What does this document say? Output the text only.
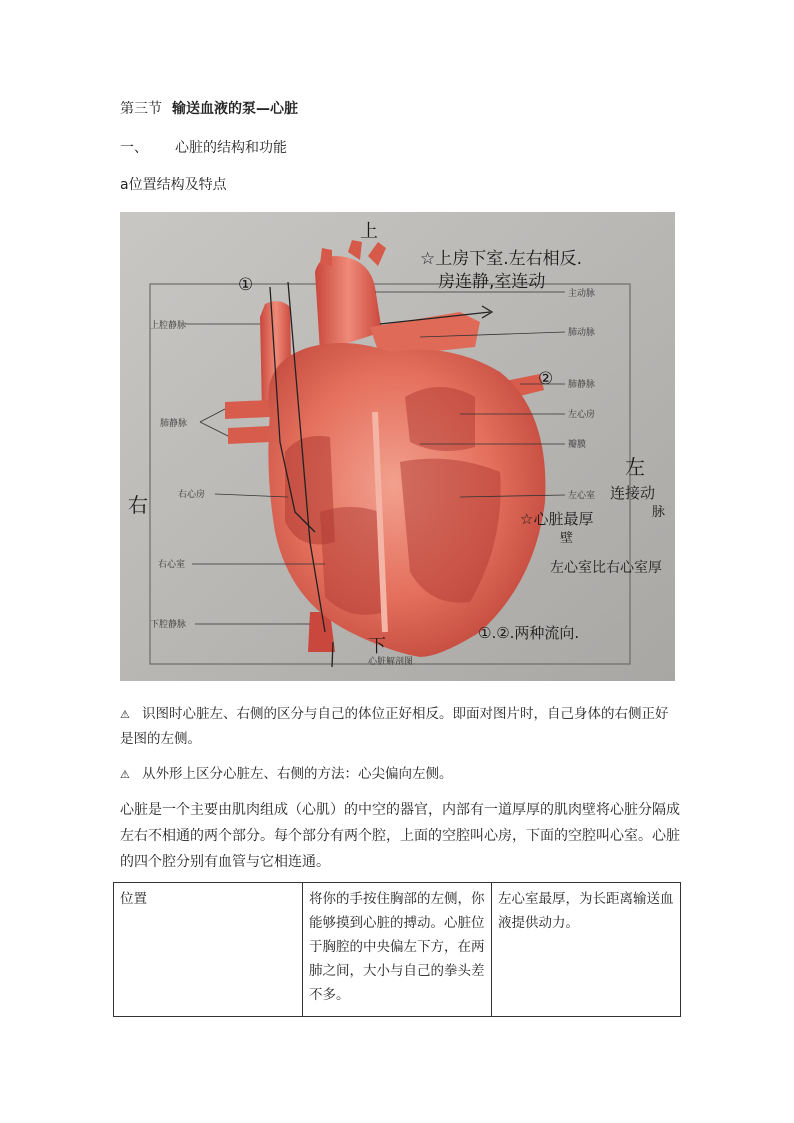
第三节 输送血液的泵—心脏
一、 心脏的结构和功能
a位置结构及特点
主动脉
肺动脉
上腔静脉
肺静脉
左心房
瓣膜
肺静脉
右心房	左心室
右心室
下腔静脉
心脏解剖图
上
下
左
右
☆上房下室.左右相反.
房连静,室连动
①
②
连接动
脉
☆心脏最厚
壁
左心室比右心室厚
①.②.两种流向.
⚠ 识图时心脏左、右侧的区分与自己的体位正好相反。即面对图片时，自己身体的右侧正好是图的左侧。
⚠ 从外形上区分心脏左、右侧的方法：心尖偏向左侧。
心脏是一个主要由肌肉组成（心肌）的中空的器官，内部有一道厚厚的肌肉壁将心脏分隔成左右不相通的两个部分。每个部分有两个腔，上面的空腔叫心房，下面的空腔叫心室。心脏的四个腔分别有血管与它相连通。
位置	将你的手按住胸部的左侧，你能够摸到心脏的搏动。心脏位于胸腔的中央偏左下方，在两肺之间，大小与自己的拳头差不多。	左心室最厚，为长距离输送血液提供动力。
